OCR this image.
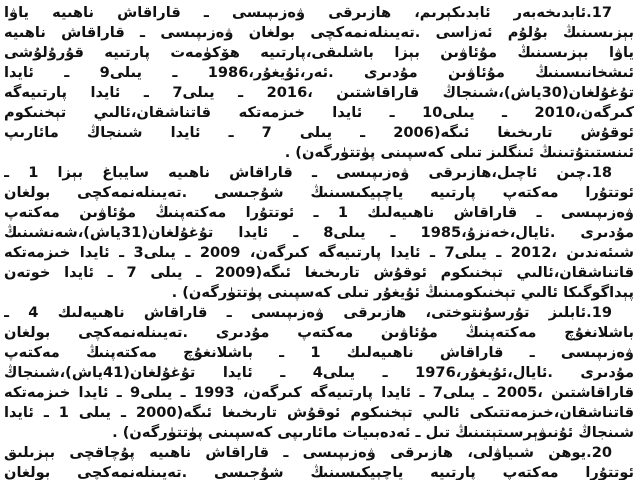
17.ئابدىخەبەر ئابدىكېرىم، ھازىرقى ۋەزىپىسى ـ قاراقاش ناھىيە ياۋا
بېزىسىنىڭ بۇلۇم ئەزاسى .تەيىنلەنمەكچى بولغان ۋەزىپىسى ـ قاراقاش ناھىيە
ياۋا بېزىسىنىڭ مۇئاۋىن بېزا باشلىقى،پارتىيە ھۆكۈمەت پارتىيە قۇرۇلۇشى
ئىشخانىسىنىڭ مۇئاۋىن مۇدىرى .ئەر،ئۇيغۇر،1986 ـ يىلى9 ـ ئايدا
تۇغۇلغان(30ياش)،شىنجاڭ قاراقاشتىن ،2016 ـ يىلى7 ـ ئايدا پارتىيەگە
كىرگەن،2010 ـ يىلى10 ـ ئايدا خىزمەتكە قاتناشقان،ئالىي تېخنىكوم
ئوقۇش تارىخىغا ئىگە(2006 ـ يىلى 7 ـ ئايدا شىنجاڭ مائارىپ
ئىنستىتۇتىنىڭ ئىنگلىز تىلى كەسپىنى پۈتتۈرگەن) .
18.چىن ئاچىل،ھازىرقى ۋەزىپىسى ـ قاراقاش ناھىيە سايباغ بېزا 1 ـ
ئوتتۇرا مەكتەپ پارتىيە ياچېيكىسىنىڭ شۇجىسى .تەيىنلەنمەكچى بولغان
ۋەزىپىسى ـ قاراقاش ناھىيەلىك 1 ـ ئوتتۇرا مەكتەپنىڭ مۇئاۋىن مەكتەپ
مۇدىرى .ئايال،خەنزۇ،1985 ـ يىلى8 ـ ئايدا تۇغۇلغان(31ياش)،شەنشىنىڭ
شىئەندىن ،2012 ـ يىلى7 ـ ئايدا پارتىيەگە كىرگەن، 2009 ـ يىلى3 ـ ئايدا خىزمەتكە
قاتناشقان،ئالىي تېخنىكوم ئوقۇش تارىخىغا ئىگە(2009 ـ يىلى 7 ـ ئايدا خوتەن
پېداگوگىكا ئالىي تېخنىكومىنىڭ ئۇيغۇر تىلى كەسپىنى پۈتتۈرگەن) .
19.ئابلىز تۇرسۇنتوختى، ھازىرقى ۋەزىپىسى ـ قاراقاش ناھىيەلىك 4 ـ
باشلانغۇچ مەكتەپنىڭ مۇئاۋىن مەكتەپ مۇدىرى .تەيىنلەنمەكچى بولغان
ۋەزىپىسى ـ قاراقاش ناھىيەلىك 1 ـ باشلانغۇچ مەكتەپنىڭ مەكتەپ
مۇدىرى .ئايال،ئۇيغۇر،1976 ـ يىلى4 ـ ئايدا تۇغۇلغان(41ياش)،شىنجاڭ
قاراقاشتىن ،2005 ـ يىلى7 ـ ئايدا پارتىيەگە كىرگەن، 1993 ـ يىلى9 ـ ئايدا خىزمەتكە
قاتناشقان،خىزمەتتىكى ئالىي تېخنىكوم ئوقۇش تارىخىغا ئىگە(2000 ـ يىلى 1 ـ ئايدا
شىنجاڭ ئۇنىۋېرسىتېتىنىڭ تىل ـ ئەدەبىيات مائارىپى كەسپىنى پۈتتۈرگەن) .
20.يوھن شىياۋلى، ھازىرقى ۋەزىپىسى ـ قاراقاش ناھىيە پۇچاقچى بېزىلىق
ئوتتۇرا مەكتەپ پارتىيە ياچېيكىسىنىڭ شۇجىسى .تەيىنلەنمەكچى بولغان
